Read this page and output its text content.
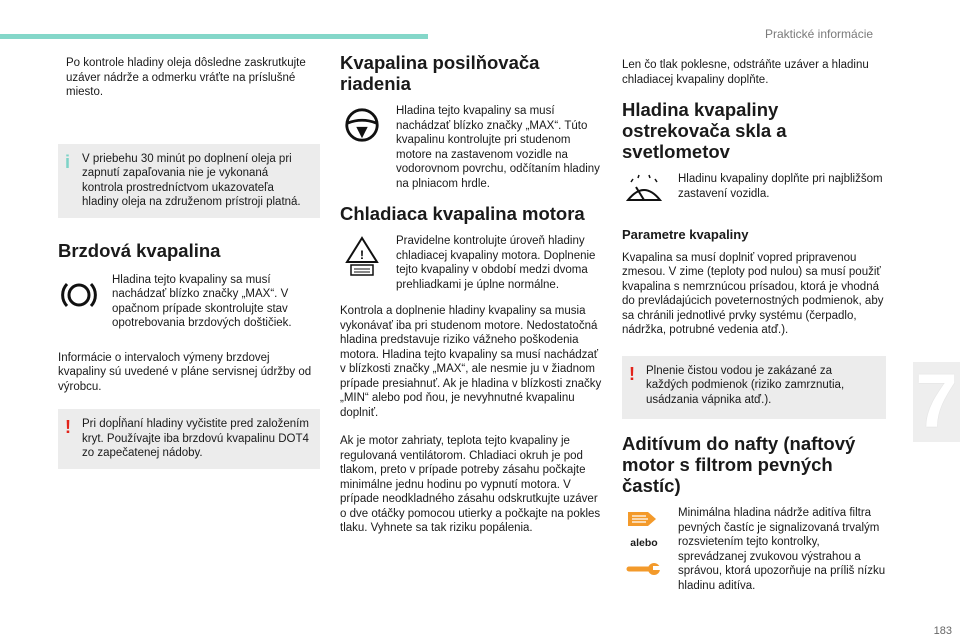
Praktické informácie
7
183

Po kontrole hladiny oleja dôsledne zaskrutkujte uzáver nádrže a odmerku vráťte na príslušné miesto.

i V priebehu 30 minút po doplnení oleja pri zapnutí zapaľovania nie je vykonaná kontrola prostredníctvom ukazovateľa hladiny oleja na združenom prístroji platná.

Brzdová kvapalina

Hladina tejto kvapaliny sa musí nachádzať blízko značky „MAX“. V opačnom prípade skontrolujte stav opotrebovania brzdových doštičiek.

Informácie o intervaloch výmeny brzdovej kvapaliny sú uvedené v pláne servisnej údržby od výrobcu.

! Pri dopĺňaní hladiny vyčistite pred založením kryt. Používajte iba brzdovú kvapalinu DOT4 zo zapečatenej nádoby.

Kvapalina posilňovača riadenia

Hladina tejto kvapaliny sa musí nachádzať blízko značky „MAX“. Túto kvapalinu kontrolujte pri studenom motore na zastavenom vozidle na vodorovnom povrchu, odčítaním hladiny na plniacom hrdle.

Chladiaca kvapalina motora
!

Pravidelne kontrolujte úroveň hladiny chladiacej kvapaliny motora. Doplnenie tejto kvapaliny v období medzi dvoma prehliadkami je úplne normálne.

Kontrola a doplnenie hladiny kvapaliny sa musia vykonávať iba pri studenom motore. Nedostatočná hladina predstavuje riziko vážneho poškodenia motora. Hladina tejto kvapaliny sa musí nachádzať v blízkosti značky „MAX“, ale nesmie ju v žiadnom prípade presiahnuť. Ak je hladina v blízkosti značky „MIN“ alebo pod ňou, je nevyhnutné kvapalinu doplniť.

Ak je motor zahriaty, teplota tejto kvapaliny je regulovaná ventilátorom. Chladiaci okruh je pod tlakom, preto v prípade potreby zásahu počkajte minimálne jednu hodinu po vypnutí motora. V prípade neodkladného zásahu odskrutkujte uzáver o dve otáčky pomocou utierky a počkajte na pokles tlaku. Vyhnete sa tak riziku popálenia.

Len čo tlak poklesne, odstráňte uzáver a hladinu chladiacej kvapaliny doplňte.

Hladina kvapaliny ostrekovača skla a svetlometov

Hladinu kvapaliny doplňte pri najbližšom zastavení vozidla.

Parametre kvapaliny

Kvapalina sa musí doplniť vopred pripravenou zmesou. V zime (teploty pod nulou) sa musí použiť kvapalina s nemrznúcou prísadou, ktorá je vhodná do prevládajúcich poveternostných podmienok, aby sa chránili jednotlivé prvky systému (čerpadlo, nádržka, potrubné vedenia atď.).

! Plnenie čistou vodou je zakázané za každých podmienok (riziko zamrznutia, usádzania vápnika atď.).

Aditívum do nafty (naftový motor s filtrom pevných častíc)
alebo

Minimálna hladina nádrže aditíva filtra pevných častíc je signalizovaná trvalým rozsvietením tejto kontrolky, sprevádzanej zvukovou výstrahou a správou, ktorá upozorňuje na príliš nízku hladinu aditíva.
